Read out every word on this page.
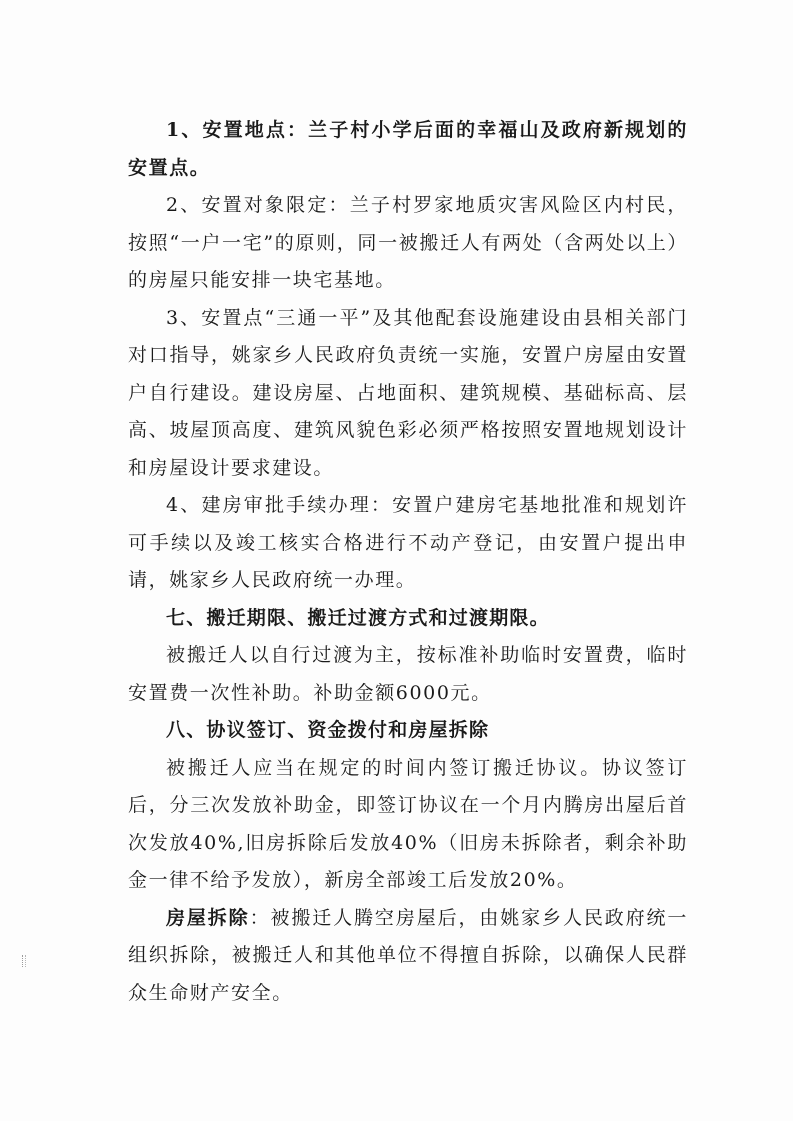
1、安置地点：兰子村小学后面的幸福山及政府新规划的安置点。

2、安置对象限定：兰子村罗家地质灾害风险区内村民，按照“一户一宅”的原则，同一被搬迁人有两处（含两处以上）的房屋只能安排一块宅基地。

3、安置点“三通一平”及其他配套设施建设由县相关部门对口指导，姚家乡人民政府负责统一实施，安置户房屋由安置户自行建设。建设房屋、占地面积、建筑规模、基础标高、层高、坡屋顶高度、建筑风貌色彩必须严格按照安置地规划设计和房屋设计要求建设。

4、建房审批手续办理：安置户建房宅基地批准和规划许可手续以及竣工核实合格进行不动产登记，由安置户提出申请，姚家乡人民政府统一办理。

七、搬迁期限、搬迁过渡方式和过渡期限。

被搬迁人以自行过渡为主，按标准补助临时安置费，临时安置费一次性补助。补助金额6000元。

八、协议签订、资金拨付和房屋拆除

被搬迁人应当在规定的时间内签订搬迁协议。协议签订后，分三次发放补助金，即签订协议在一个月内腾房出屋后首次发放40%,旧房拆除后发放40%（旧房未拆除者，剩余补助金一律不给予发放），新房全部竣工后发放20%。

房屋拆除：被搬迁人腾空房屋后，由姚家乡人民政府统一组织拆除，被搬迁人和其他单位不得擅自拆除，以确保人民群众生命财产安全。
